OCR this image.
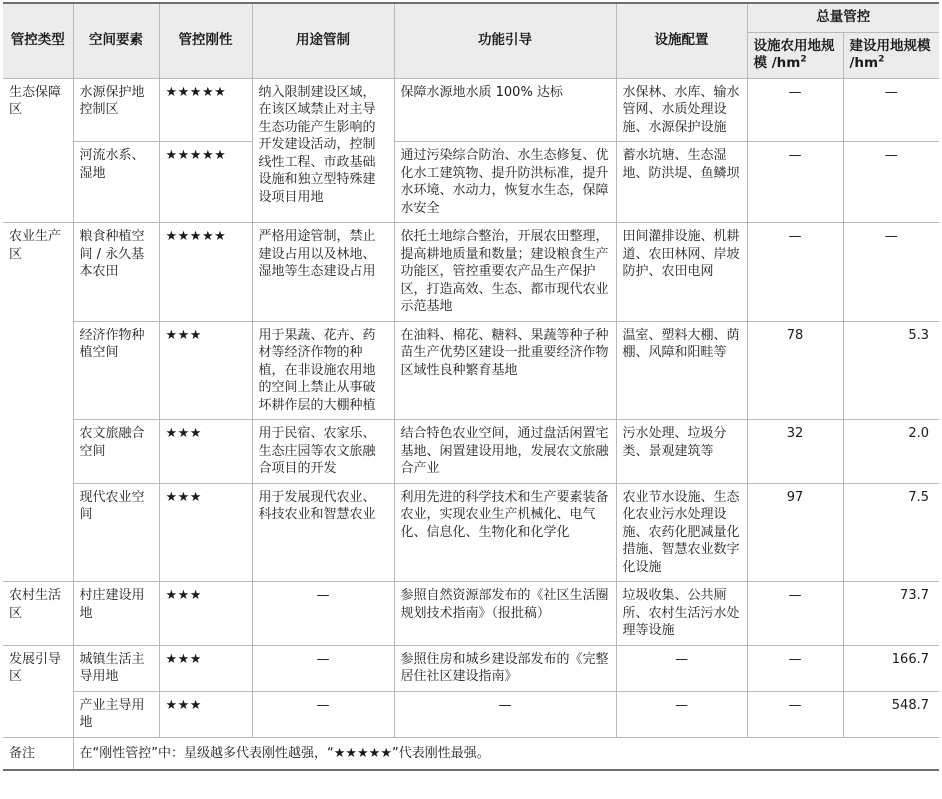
管控类型	空间要素	管控刚性	用途管制	功能引导	设施配置	总量管控	
						设施农用地规模 $/hm^2$	建设用地规模 $/hm^2$
生态保障区	水源保护地控制区	★★★★★	纳入限制建设区域，在该区域禁止对主导生态功能产生影响的开发建设活动，控制线性工程、市政基础设施和独立型特殊建设项目用地	保障水源地水质 100% 达标	水保林、水库、输水管网、水质处理设施、水源保护设施	—	—
	河流水系、湿地	★★★★★		通过污染综合防治、水生态修复、优化水工建筑物、提升防洪标准，提升水环境、水动力，恢复水生态，保障水安全	蓄水坑塘、生态湿地、防洪堤、鱼鳞坝	—	—
农业生产区	粮食种植空间 / 永久基本农田	★★★★★	严格用途管制，禁止建设占用以及林地、湿地等生态建设占用	依托土地综合整治，开展农田整理，提高耕地质量和数量；建设粮食生产功能区，管控重要农产品生产保护区，打造高效、生态、都市现代农业示范基地	田间灌排设施、机耕道、农田林网、岸坡防护、农田电网	—	—
	经济作物种植空间	★★★	用于果蔬、花卉、药材等经济作物的种植，在非设施农用地的空间上禁止从事破坏耕作层的大棚种植	在油料、棉花、糖料、果蔬等种子种苗生产优势区建设一批重要经济作物区域性良种繁育基地	温室、塑料大棚、荫棚、风障和阳畦等	78	5.3
	农文旅融合空间	★★★	用于民宿、农家乐、生态庄园等农文旅融合项目的开发	结合特色农业空间，通过盘活闲置宅基地、闲置建设用地，发展农文旅融合产业	污水处理、垃圾分类、景观建筑等	32	2.0
	现代农业空间	★★★	用于发展现代农业、科技农业和智慧农业	利用先进的科学技术和生产要素装备农业，实现农业生产机械化、电气化、信息化、生物化和化学化	农业节水设施、生态化农业污水处理设施、农药化肥减量化措施、智慧农业数字化设施	97	7.5
农村生活区	村庄建设用地	★★★	—	参照自然资源部发布的《社区生活圈规划技术指南》（报批稿）	垃圾收集、公共厕所、农村生活污水处理等设施	—	73.7
发展引导区	城镇生活主导用地	★★★	—	参照住房和城乡建设部发布的《完整居住社区建设指南》	—	—	166.7
	产业主导用地	★★★	—	—	—	—	548.7
备注	在“刚性管控”中：星级越多代表刚性越强，“★★★★★”代表刚性最强。						
